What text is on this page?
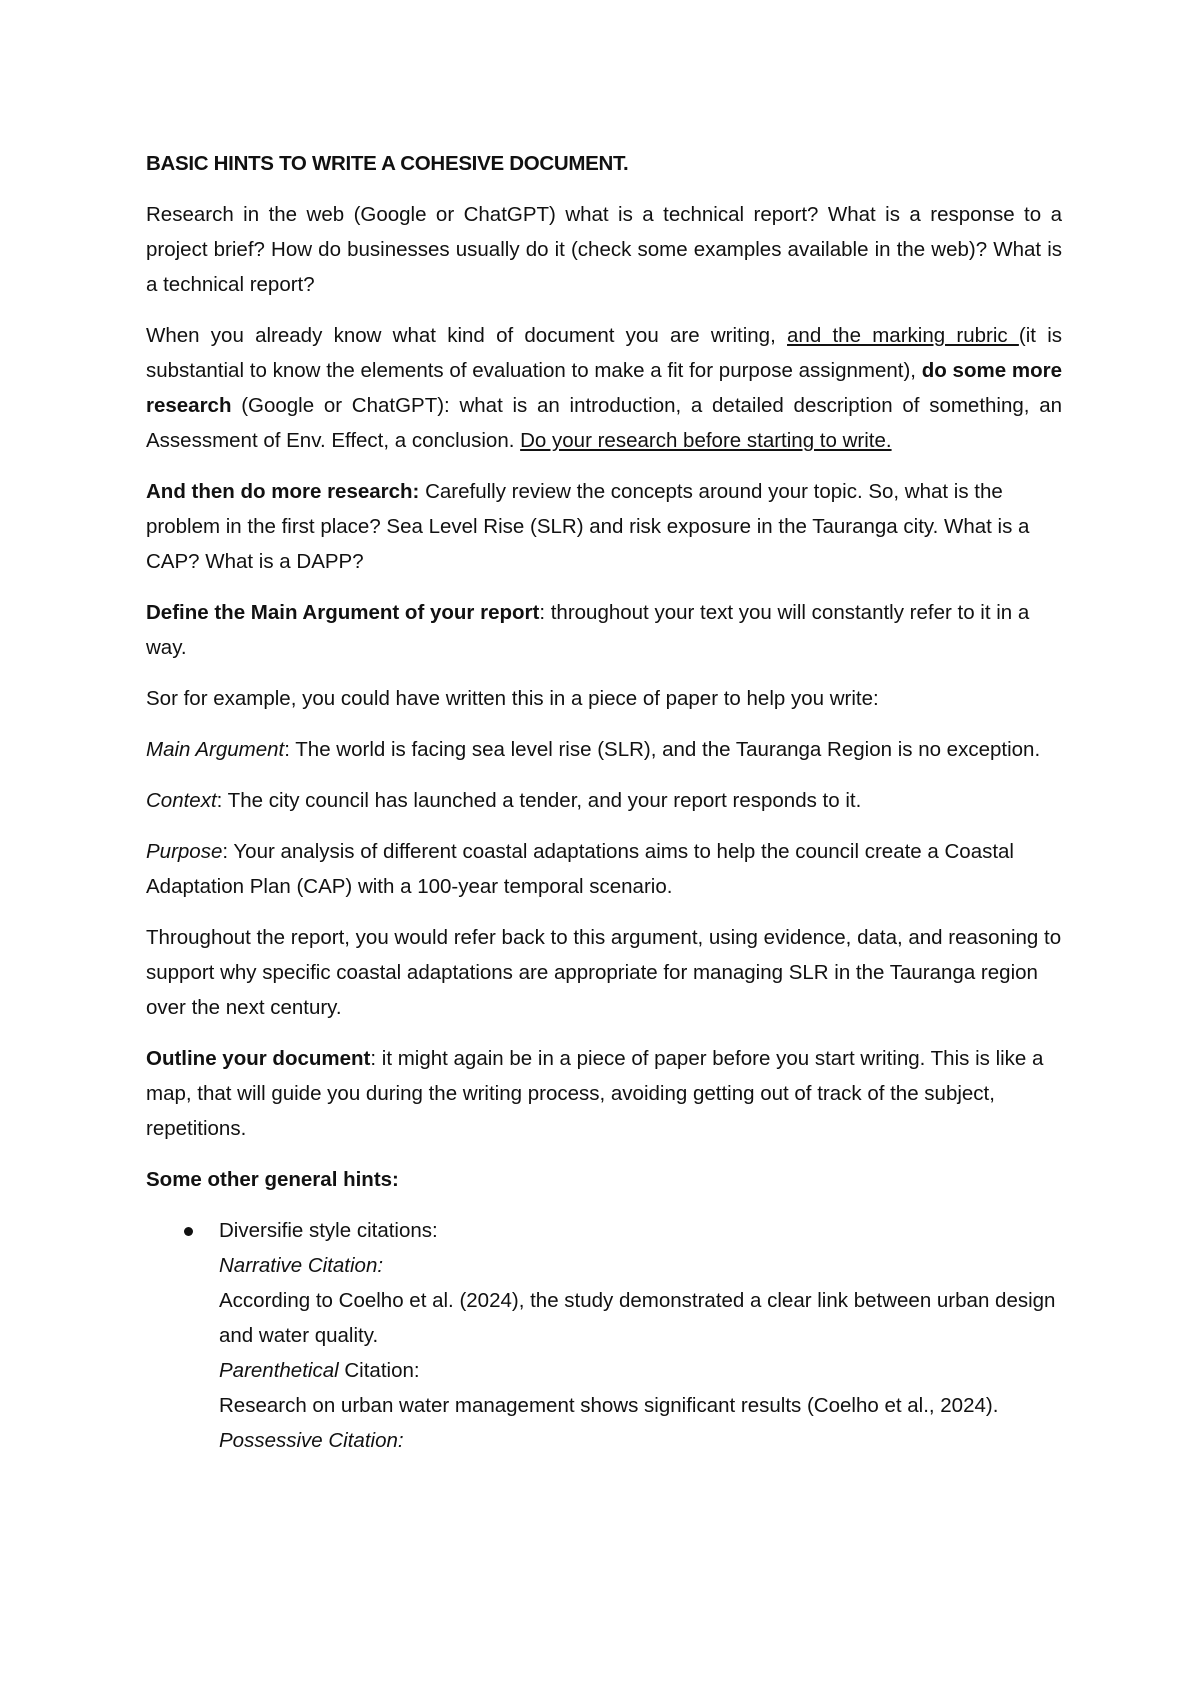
BASIC HINTS TO WRITE A COHESIVE DOCUMENT.

Research in the web (Google or ChatGPT) what is a technical report? What is a response to a project brief? How do businesses usually do it (check some examples available in the web)? What is a technical report?

When you already know what kind of document you are writing, and the marking rubric (it is substantial to know the elements of evaluation to make a fit for purpose assignment), do some more research (Google or ChatGPT): what is an introduction, a detailed description of something, an Assessment of Env. Effect, a conclusion. Do your research before starting to write.

And then do more research: Carefully review the concepts around your topic. So, what is the problem in the first place? Sea Level Rise (SLR) and risk exposure in the Tauranga city. What is a CAP? What is a DAPP?

Define the Main Argument of your report: throughout your text you will constantly refer to it in a way.

Sor for example, you could have written this in a piece of paper to help you write:

Main Argument: The world is facing sea level rise (SLR), and the Tauranga Region is no exception.

Context: The city council has launched a tender, and your report responds to it.

Purpose: Your analysis of different coastal adaptations aims to help the council create a Coastal Adaptation Plan (CAP) with a 100-year temporal scenario.

Throughout the report, you would refer back to this argument, using evidence, data, and reasoning to support why specific coastal adaptations are appropriate for managing SLR in the Tauranga region over the next century.

Outline your document: it might again be in a piece of paper before you start writing. This is like a map, that will guide you during the writing process, avoiding getting out of track of the subject, repetitions.

Some other general hints:

Diversifie style citations:
Narrative Citation:
According to Coelho et al. (2024), the study demonstrated a clear link between urban design and water quality.
Parenthetical Citation:
Research on urban water management shows significant results (Coelho et al., 2024).
Possessive Citation:
